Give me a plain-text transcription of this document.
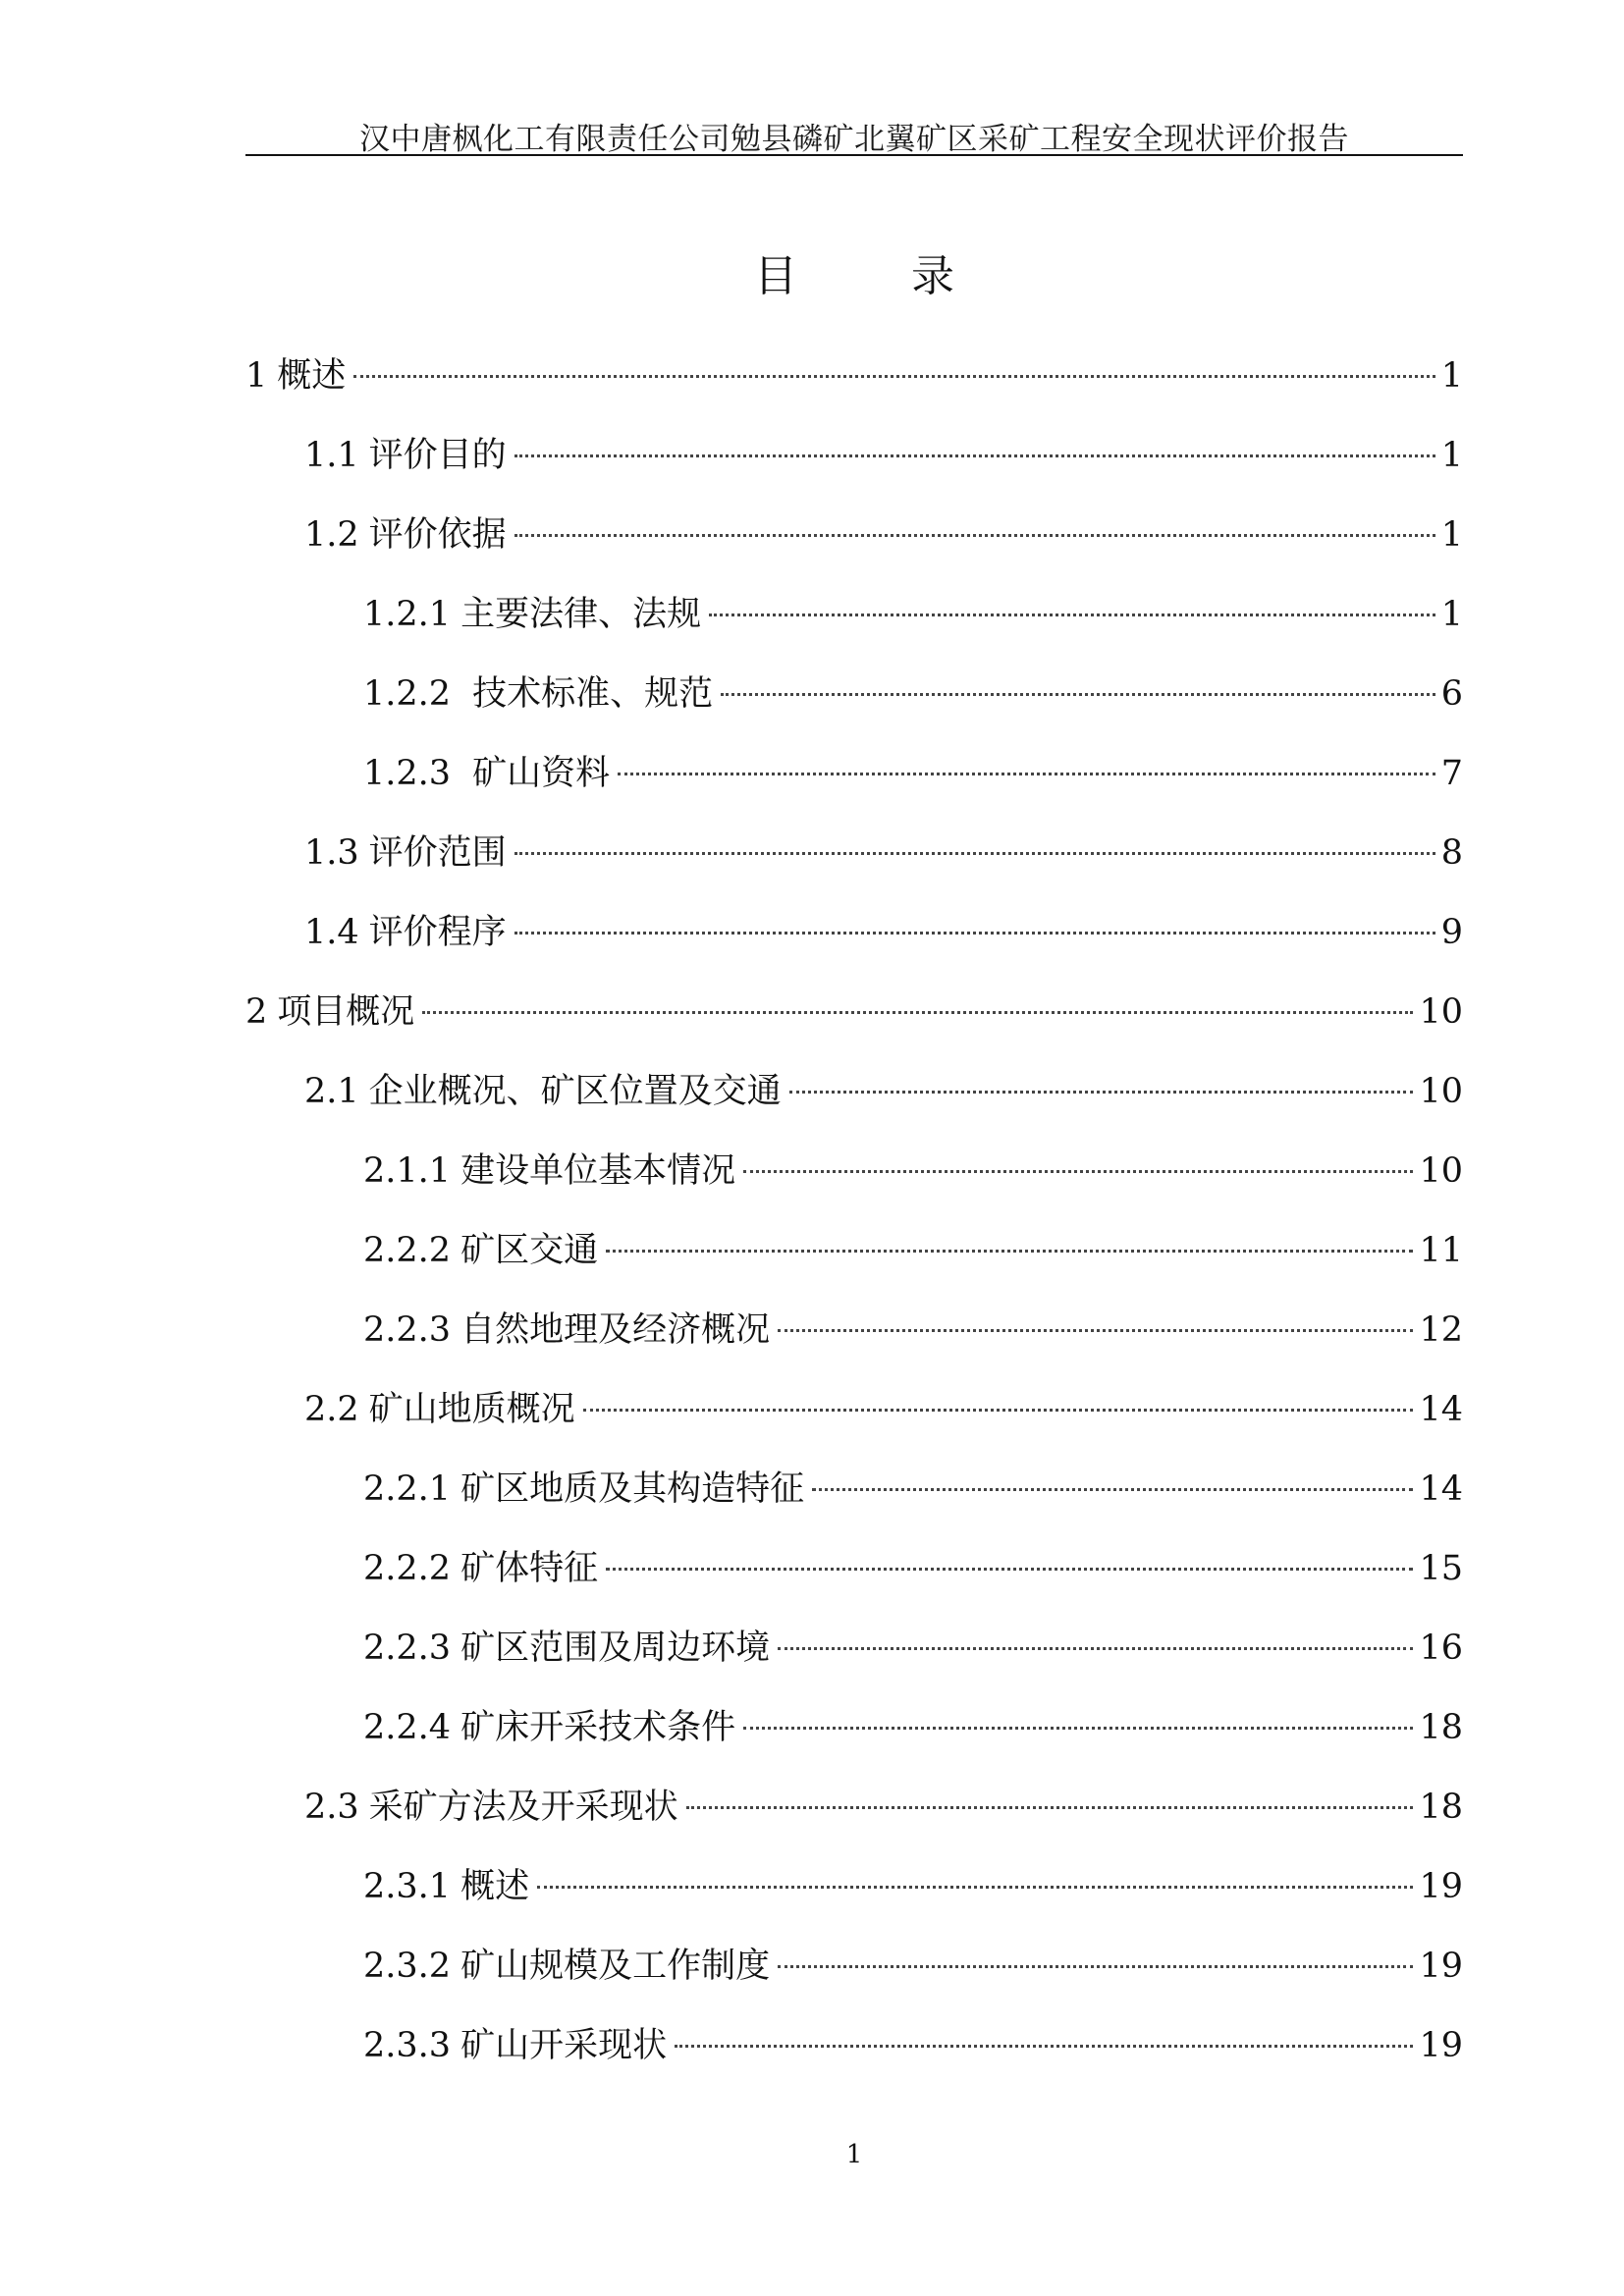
汉中唐枫化工有限责任公司勉县磷矿北翼矿区采矿工程安全现状评价报告
目　录
1 概述	1
1.1 评价目的	1
1.2 评价依据	1
1.2.1 主要法律、法规	1
1.2.2 技术标准、规范	6
1.2.3 矿山资料	7
1.3 评价范围	8
1.4 评价程序	9
2 项目概况	10
2.1 企业概况、矿区位置及交通	10
2.1.1 建设单位基本情况	10
2.2.2 矿区交通	11
2.2.3 自然地理及经济概况	12
2.2 矿山地质概况	14
2.2.1 矿区地质及其构造特征	14
2.2.2 矿体特征	15
2.2.3 矿区范围及周边环境	16
2.2.4 矿床开采技术条件	18
2.3 采矿方法及开采现状	18
2.3.1 概述	19
2.3.2 矿山规模及工作制度	19
2.3.3 矿山开采现状	19
1
